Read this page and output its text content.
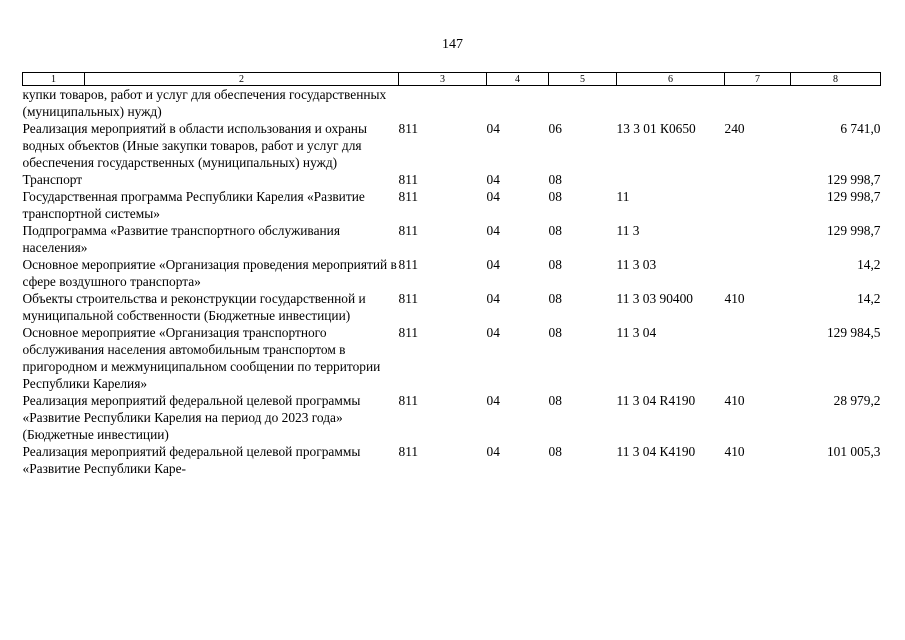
147
1	2	3	4	5	6	7	8
купки товаров, работ и услуг для обеспечения государственных (муниципальных) нужд)							
Реализация мероприятий в области использования и охраны водных объектов (Иные закупки товаров, работ и услуг для обеспечения государственных (муниципальных) нужд)		811	04	06	13 3 01 К0650	240	6 741,0
Транспорт		811	04	08			129 998,7
Государственная программа Республики Карелия «Развитие транспортной системы»		811	04	08	11		129 998,7
Подпрограмма «Развитие транспортного обслуживания населения»		811	04	08	11 3		129 998,7
Основное мероприятие «Организация проведения мероприятий в сфере воздушного транспорта»		811	04	08	11 3 03		14,2
Объекты строительства и реконструкции государственной и муниципальной собственности (Бюджетные инвестиции)		811	04	08	11 3 03 90400	410	14,2
Основное мероприятие «Организация транспортного обслуживания населения автомобильным транспортом в пригородном и межмуниципальном сообщении по территории Республики Карелия»		811	04	08	11 3 04		129 984,5
Реализация мероприятий федеральной целевой программы «Развитие Республики Карелия на период до 2023 года» (Бюджетные инвестиции)		811	04	08	11 3 04 R4190	410	28 979,2
Реализация мероприятий федеральной целевой программы «Развитие Республики Каре-		811	04	08	11 3 04 К4190	410	101 005,3
